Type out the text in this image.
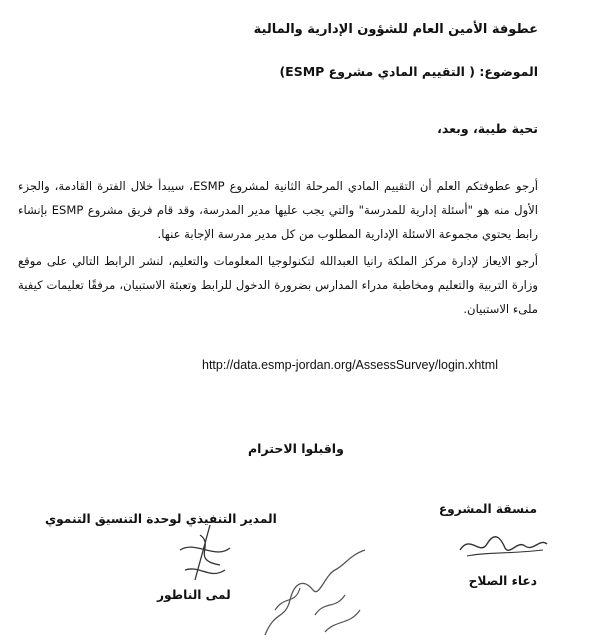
عطوفة الأمين العام للشؤون الإدارية والمالية
الموضوع: ( التقييم المادي مشروع ESMP)
تحية طيبة، وبعد،
أرجو عطوفتكم العلم أن التقييم المادي المرحلة الثانية لمشروع ESMP، سيبدأ خلال الفترة القادمة، والجزء الأول منه هو "أسئلة إدارية للمدرسة" والتي يجب عليها مدير المدرسة، وقد قام فريق مشروع ESMP بإنشاء رابط يحتوي مجموعة الاسئلة الإدارية المطلوب من كل مدير مدرسة الإجابة عنها.
أرجو الايعاز لإدارة مركز الملكة رانيا العبدالله لتكنولوجيا المعلومات والتعليم، لنشر الرابط التالي على موقع وزارة التربية والتعليم ومخاطبة مدراء المدارس بضرورة الدخول للرابط وتعبئة الاستبيان، مرفقًا تعليمات كيفية ملىء الاستبيان.
http://data.esmp-jordan.org/AssessSurvey/login.xhtml
واقبلوا الاحترام
منسقة المشروع
دعاء الصلاح
المدير التنفيذي لوحدة التنسيق التنموي
لمى الناطور
